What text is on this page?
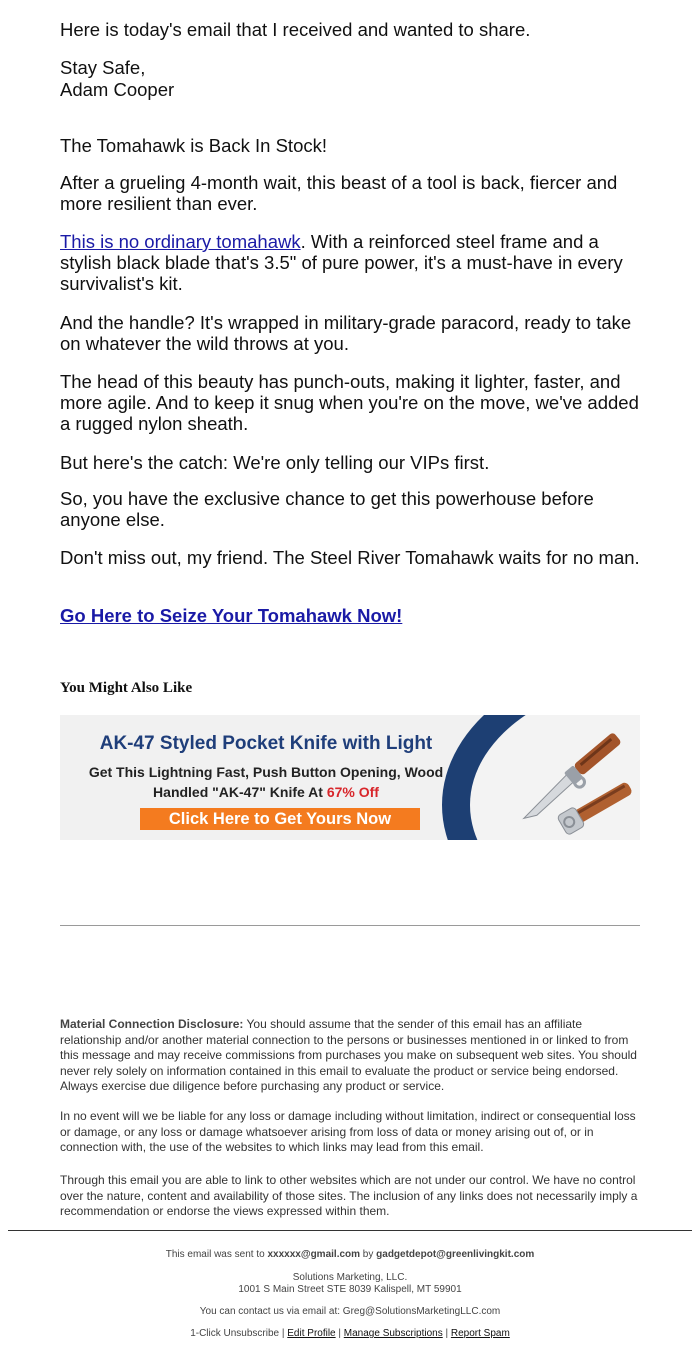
Here is today's email that I received and wanted to share.

Stay Safe,

Adam Cooper

The Tomahawk is Back In Stock!

After a grueling 4-month wait, this beast of a tool is back, fiercer and more resilient than ever.

This is no ordinary tomahawk. With a reinforced steel frame and a stylish black blade that's 3.5" of pure power, it's a must-have in every survivalist's kit.

And the handle? It's wrapped in military-grade paracord, ready to take on whatever the wild throws at you.

The head of this beauty has punch-outs, making it lighter, faster, and more agile. And to keep it snug when you're on the move, we've added a rugged nylon sheath.

But here's the catch: We're only telling our VIPs first.

So, you have the exclusive chance to get this powerhouse before anyone else.

Don't miss out, my friend. The Steel River Tomahawk waits for no man.

Go Here to Seize Your Tomahawk Now!

You Might Also Like

AK-47 Styled Pocket Knife with Light
Get This Lightning Fast, Push Button Opening, Wood
Handled "AK-47" Knife At 67% Off
Click Here to Get Yours Now

Material Connection Disclosure: You should assume that the sender of this email has an affiliate relationship and/or another material connection to the persons or businesses mentioned in or linked to from this message and may receive commissions from purchases you make on subsequent web sites. You should never rely solely on information contained in this email to evaluate the product or service being endorsed. Always exercise due diligence before purchasing any product or service.

In no event will we be liable for any loss or damage including without limitation, indirect or consequential loss or damage, or any loss or damage whatsoever arising from loss of data or money arising out of, or in connection with, the use of the websites to which links may lead from this email.

Through this email you are able to link to other websites which are not under our control. We have no control over the nature, content and availability of those sites. The inclusion of any links does not necessarily imply a recommendation or endorse the views expressed within them.

This email was sent to xxxxxx@gmail.com by gadgetdepot@greenlivingkit.com

Solutions Marketing, LLC.

1001 S Main Street STE 8039 Kalispell, MT 59901

You can contact us via email at: Greg@SolutionsMarketingLLC.com

1-Click Unsubscribe | Edit Profile | Manage Subscriptions | Report Spam
